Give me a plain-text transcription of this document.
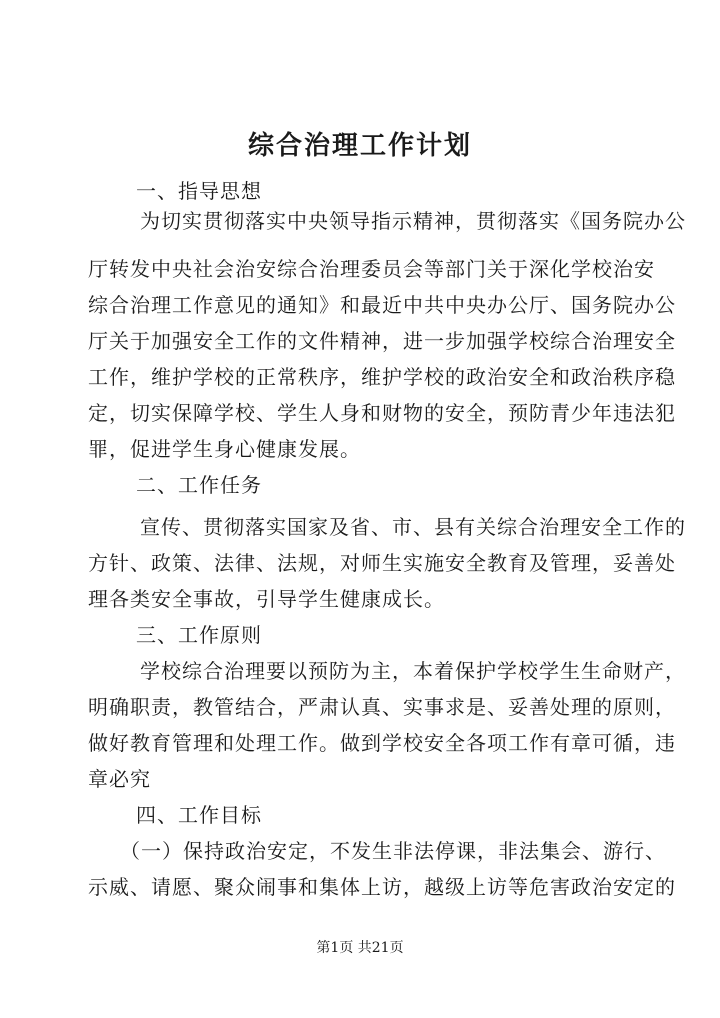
综合治理工作计划
一、指导思想
为切实贯彻落实中央领导指示精神，贯彻落实《国务院办公
厅转发中央社会治安综合治理委员会等部门关于深化学校治安
综合治理工作意见的通知》和最近中共中央办公厅、国务院办公
厅关于加强安全工作的文件精神，进一步加强学校综合治理安全
工作，维护学校的正常秩序，维护学校的政治安全和政治秩序稳
定，切实保障学校、学生人身和财物的安全，预防青少年违法犯
罪，促进学生身心健康发展。
二、工作任务
宣传、贯彻落实国家及省、市、县有关综合治理安全工作的
方针、政策、法律、法规，对师生实施安全教育及管理，妥善处
理各类安全事故，引导学生健康成长。
三、工作原则
学校综合治理要以预防为主，本着保护学校学生生命财产，
明确职责，教管结合，严肃认真、实事求是、妥善处理的原则，
做好教育管理和处理工作。做到学校安全各项工作有章可循，违
章必究
四、工作目标
（一）保持政治安定，不发生非法停课，非法集会、游行、
示威、请愿、聚众闹事和集体上访，越级上访等危害政治安定的
第1页 共21页
